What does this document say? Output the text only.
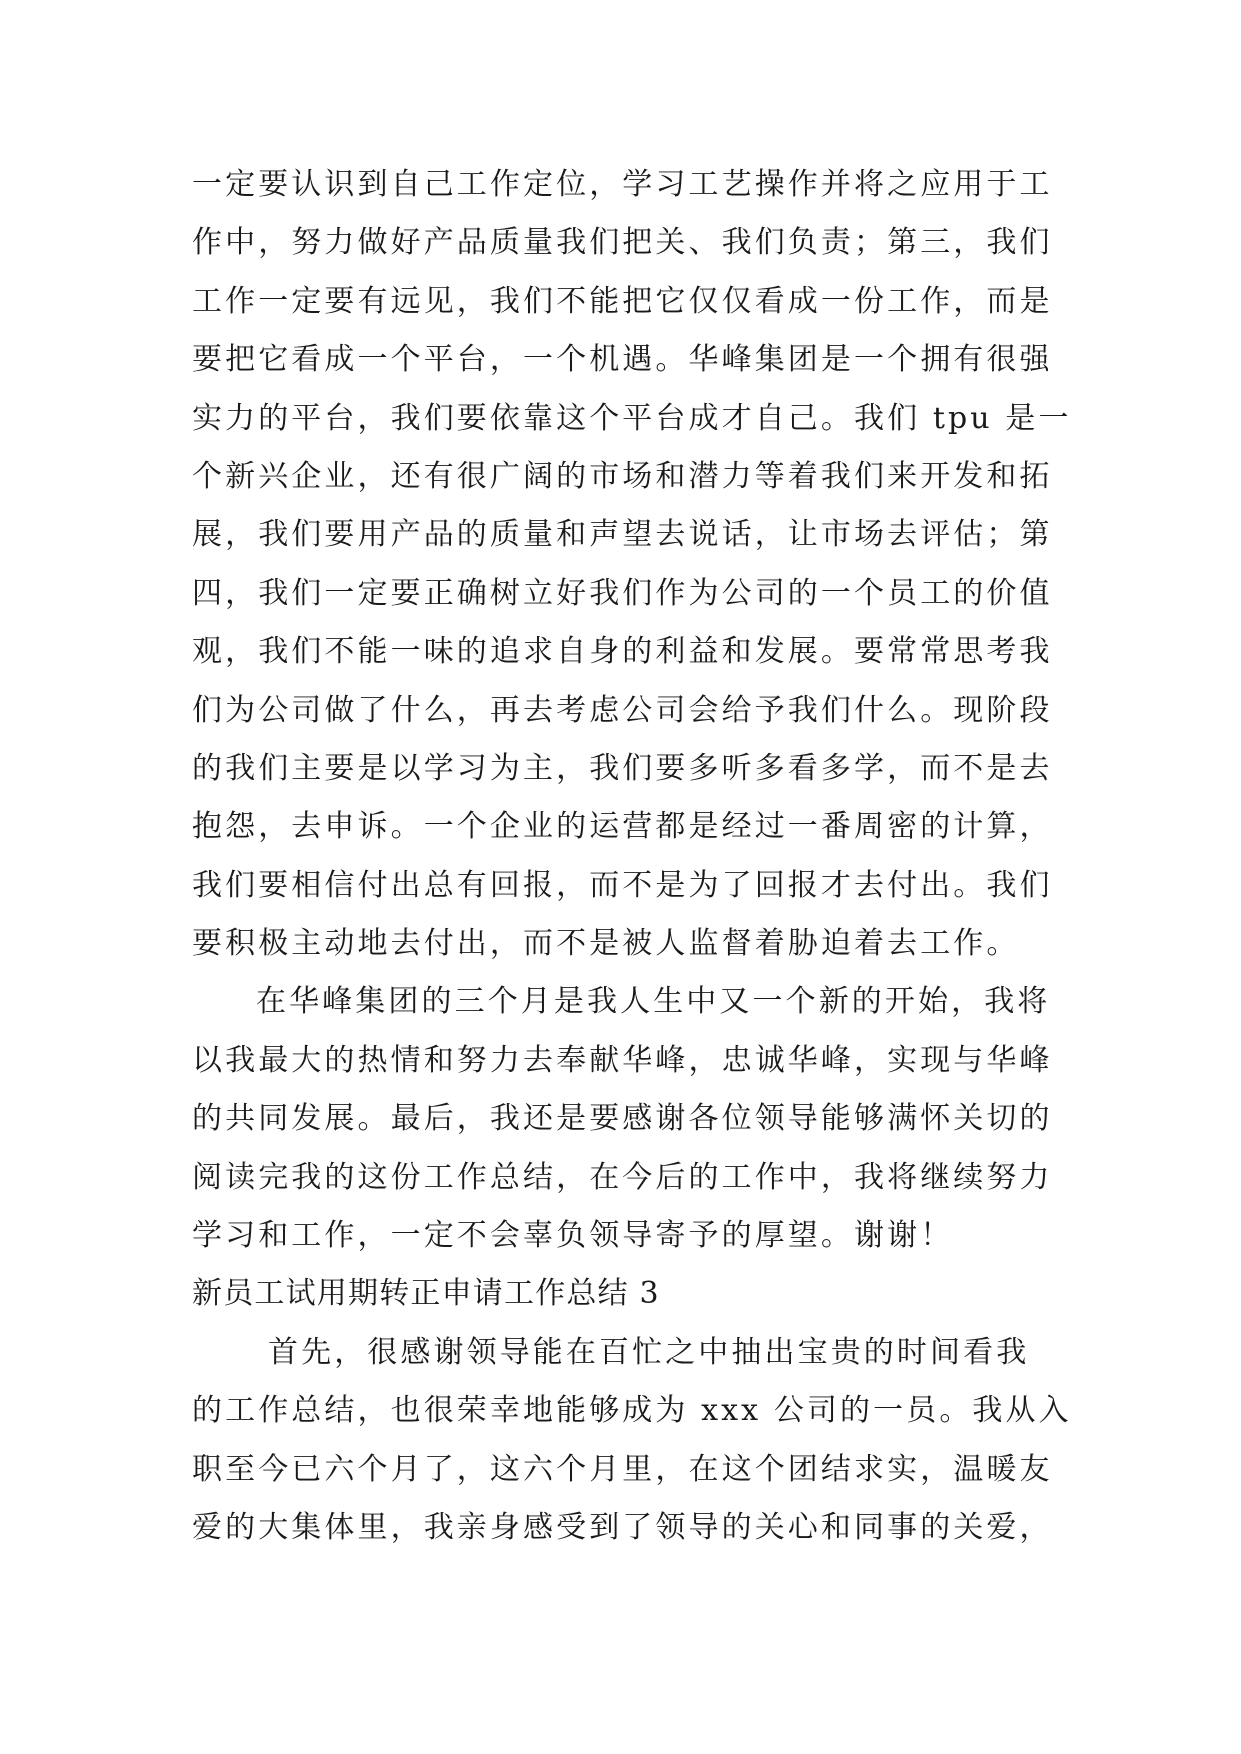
一定要认识到自己工作定位，学习工艺操作并将之应用于工
作中，努力做好产品质量我们把关、我们负责；第三，我们
工作一定要有远见，我们不能把它仅仅看成一份工作，而是
要把它看成一个平台，一个机遇。华峰集团是一个拥有很强
实力的平台，我们要依靠这个平台成才自己。我们 tpu 是一
个新兴企业，还有很广阔的市场和潜力等着我们来开发和拓
展，我们要用产品的质量和声望去说话，让市场去评估；第
四，我们一定要正确树立好我们作为公司的一个员工的价值
观，我们不能一味的追求自身的利益和发展。要常常思考我
们为公司做了什么，再去考虑公司会给予我们什么。现阶段
的我们主要是以学习为主，我们要多听多看多学，而不是去
抱怨，去申诉。一个企业的运营都是经过一番周密的计算，
我们要相信付出总有回报，而不是为了回报才去付出。我们
要积极主动地去付出，而不是被人监督着胁迫着去工作。
在华峰集团的三个月是我人生中又一个新的开始，我将
以我最大的热情和努力去奉献华峰，忠诚华峰，实现与华峰
的共同发展。最后，我还是要感谢各位领导能够满怀关切的
阅读完我的这份工作总结，在今后的工作中，我将继续努力
学习和工作，一定不会辜负领导寄予的厚望。谢谢！
新员工试用期转正申请工作总结 3
首先，很感谢领导能在百忙之中抽出宝贵的时间看我
的工作总结，也很荣幸地能够成为 xxx 公司的一员。我从入
职至今已六个月了，这六个月里，在这个团结求实，温暖友
爱的大集体里，我亲身感受到了领导的关心和同事的关爱，
